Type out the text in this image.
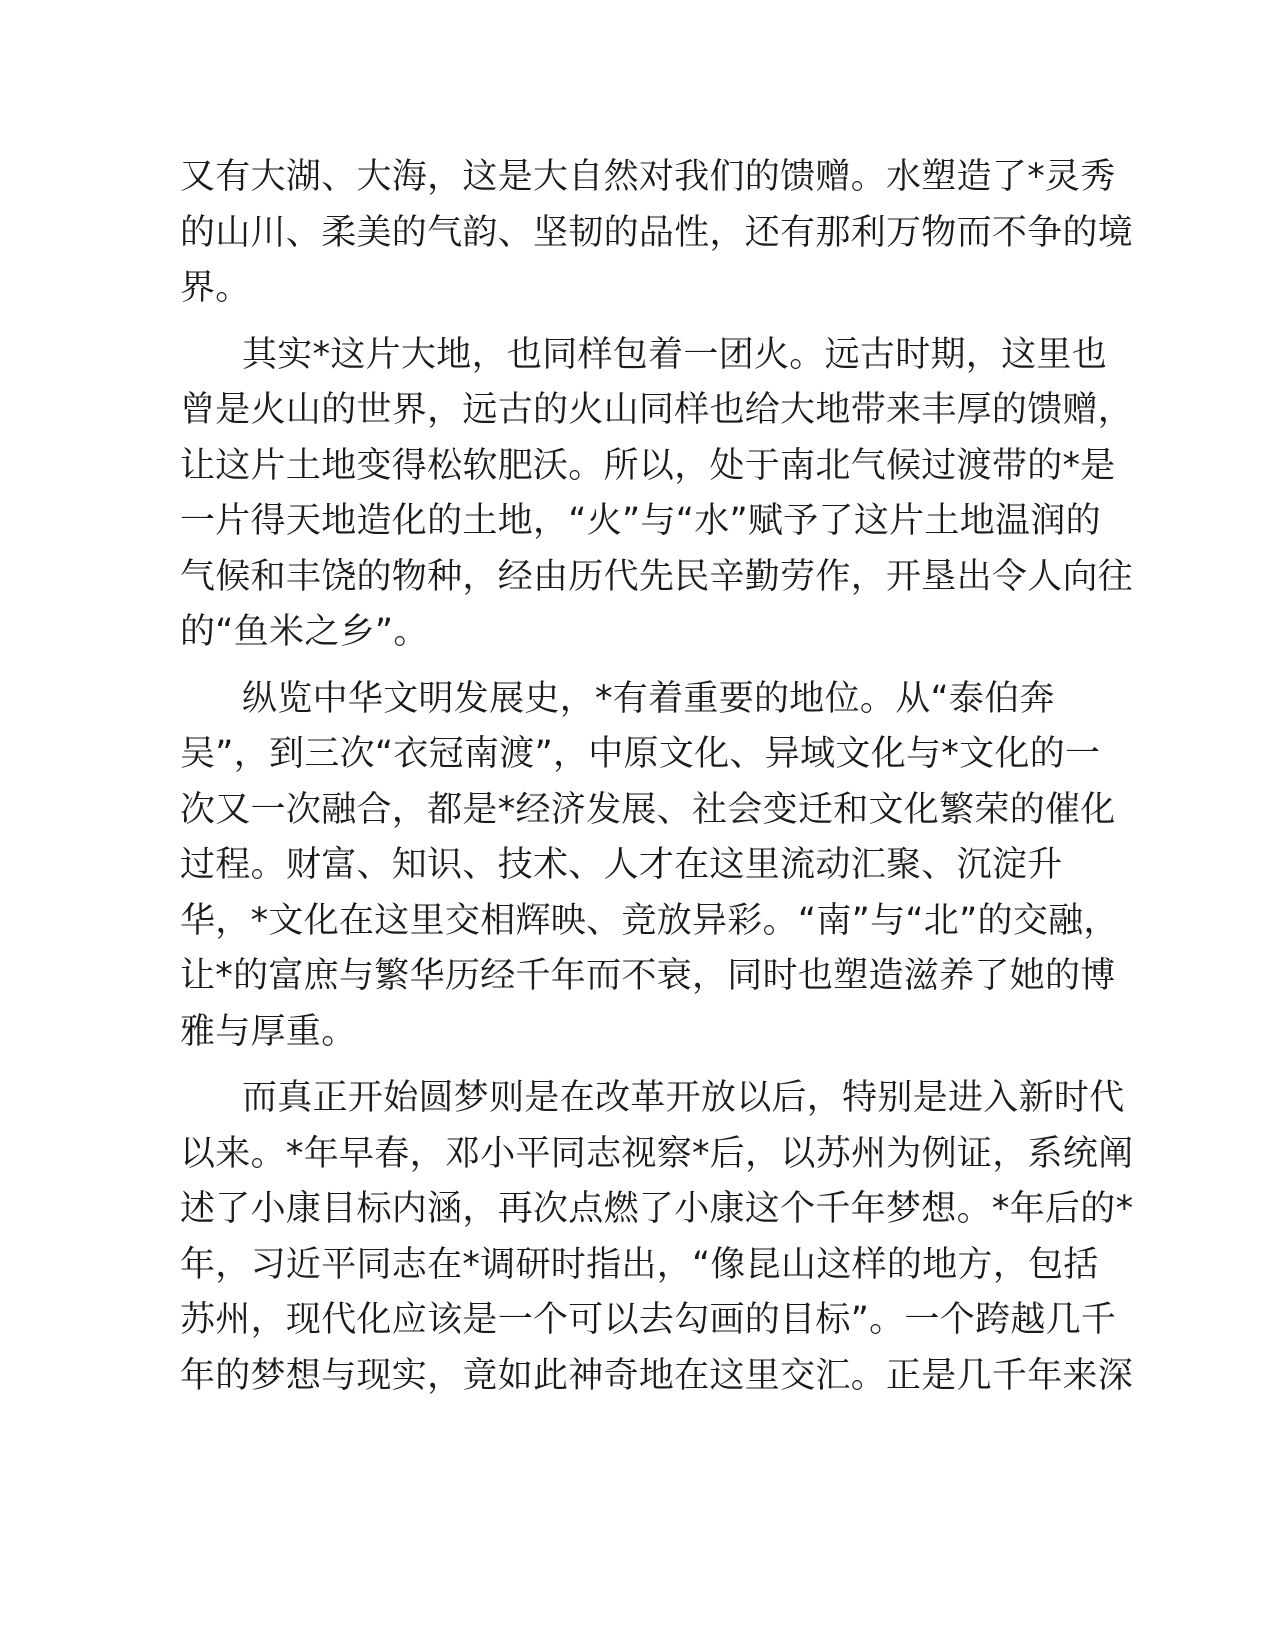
又有大湖、大海，这是大自然对我们的馈赠。水塑造了*灵秀
的山川、柔美的气韵、坚韧的品性，还有那利万物而不争的境
界。
其实*这片大地，也同样包着一团火。远古时期，这里也
曾是火山的世界，远古的火山同样也给大地带来丰厚的馈赠，
让这片土地变得松软肥沃。所以，处于南北气候过渡带的*是
一片得天地造化的土地，“火”与“水”赋予了这片土地温润的
气候和丰饶的物种，经由历代先民辛勤劳作，开垦出令人向往
的“鱼米之乡”。
纵览中华文明发展史，*有着重要的地位。从“泰伯奔
吴”，到三次“衣冠南渡”，中原文化、异域文化与*文化的一
次又一次融合，都是*经济发展、社会变迁和文化繁荣的催化
过程。财富、知识、技术、人才在这里流动汇聚、沉淀升
华，*文化在这里交相辉映、竞放异彩。“南”与“北”的交融，
让*的富庶与繁华历经千年而不衰，同时也塑造滋养了她的博
雅与厚重。
而真正开始圆梦则是在改革开放以后，特别是进入新时代
以来。*年早春，邓小平同志视察*后，以苏州为例证，系统阐
述了小康目标内涵，再次点燃了小康这个千年梦想。*年后的*
年，习近平同志在*调研时指出，“像昆山这样的地方，包括
苏州，现代化应该是一个可以去勾画的目标”。一个跨越几千
年的梦想与现实，竟如此神奇地在这里交汇。正是几千年来深
